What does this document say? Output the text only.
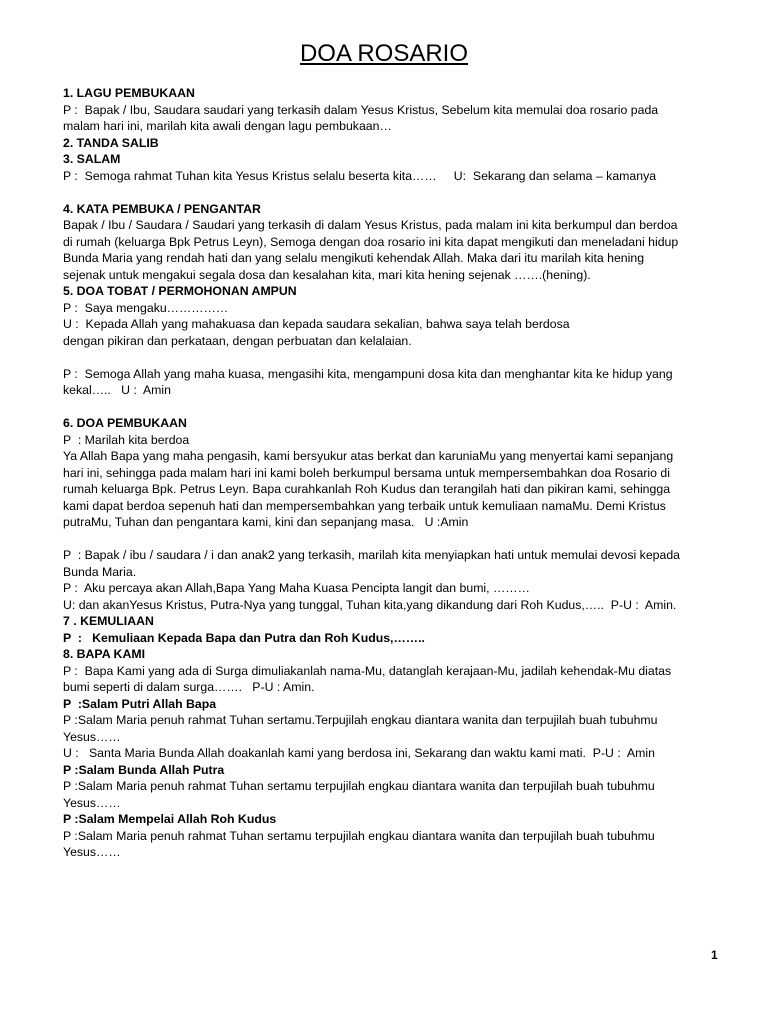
DOA ROSARIO
1. LAGU PEMBUKAAN
P :  Bapak / Ibu, Saudara saudari yang terkasih dalam Yesus Kristus, Sebelum kita memulai doa rosario pada
malam hari ini, marilah kita awali dengan lagu pembukaan…
2. TANDA SALIB
3. SALAM
P :  Semoga rahmat Tuhan kita Yesus Kristus selalu beserta kita……     U:  Sekarang dan selama – kamanya
4. KATA PEMBUKA / PENGANTAR
Bapak / Ibu / Saudara / Saudari yang terkasih di dalam Yesus Kristus, pada malam ini kita berkumpul dan berdoa
di rumah (keluarga Bpk Petrus Leyn), Semoga dengan doa rosario ini kita dapat mengikuti dan meneladani hidup
Bunda Maria yang rendah hati dan yang selalu mengikuti kehendak Allah. Maka dari itu marilah kita hening
sejenak untuk mengakui segala dosa dan kesalahan kita, mari kita hening sejenak …….(hening).
5. DOA TOBAT / PERMOHONAN AMPUN
P :  Saya mengaku……………
U :  Kepada Allah yang mahakuasa dan kepada saudara sekalian, bahwa saya telah berdosa
dengan pikiran dan perkataan, dengan perbuatan dan kelalaian.
P :  Semoga Allah yang maha kuasa, mengasihi kita, mengampuni dosa kita dan menghantar kita ke hidup yang
kekal…..   U :  Amin
6. DOA PEMBUKAAN
P  : Marilah kita berdoa
Ya Allah Bapa yang maha pengasih, kami bersyukur atas berkat dan karuniaMu yang menyertai kami sepanjang
hari ini, sehingga pada malam hari ini kami boleh berkumpul bersama untuk mempersembahkan doa Rosario di
rumah keluarga Bpk. Petrus Leyn. Bapa curahkanlah Roh Kudus dan terangilah hati dan pikiran kami, sehingga
kami dapat berdoa sepenuh hati dan mempersembahkan yang terbaik untuk kemuliaan namaMu. Demi Kristus
putraMu, Tuhan dan pengantara kami, kini dan sepanjang masa.   U :Amin
P  : Bapak / ibu / saudara / i dan anak2 yang terkasih, marilah kita menyiapkan hati untuk memulai devosi kepada
Bunda Maria.
P :  Aku percaya akan Allah,Bapa Yang Maha Kuasa Pencipta langit dan bumi, ………
U: dan akanYesus Kristus, Putra-Nya yang tunggal, Tuhan kita,yang dikandung dari Roh Kudus,…..  P-U :  Amin.
7 . KEMULIAAN
P  :   Kemuliaan Kepada Bapa dan Putra dan Roh Kudus,……..
8. BAPA KAMI
P :  Bapa Kami yang ada di Surga dimuliakanlah nama-Mu, datanglah kerajaan-Mu, jadilah kehendak-Mu diatas
bumi seperti di dalam surga…….   P-U : Amin.
P  :Salam Putri Allah Bapa
P :Salam Maria penuh rahmat Tuhan sertamu.Terpujilah engkau diantara wanita dan terpujilah buah tubuhmu
Yesus……
U :   Santa Maria Bunda Allah doakanlah kami yang berdosa ini, Sekarang dan waktu kami mati.  P-U :  Amin
P :Salam Bunda Allah Putra
P :Salam Maria penuh rahmat Tuhan sertamu terpujilah engkau diantara wanita dan terpujilah buah tubuhmu
Yesus……
P :Salam Mempelai Allah Roh Kudus
P :Salam Maria penuh rahmat Tuhan sertamu terpujilah engkau diantara wanita dan terpujilah buah tubuhmu
Yesus……
1
